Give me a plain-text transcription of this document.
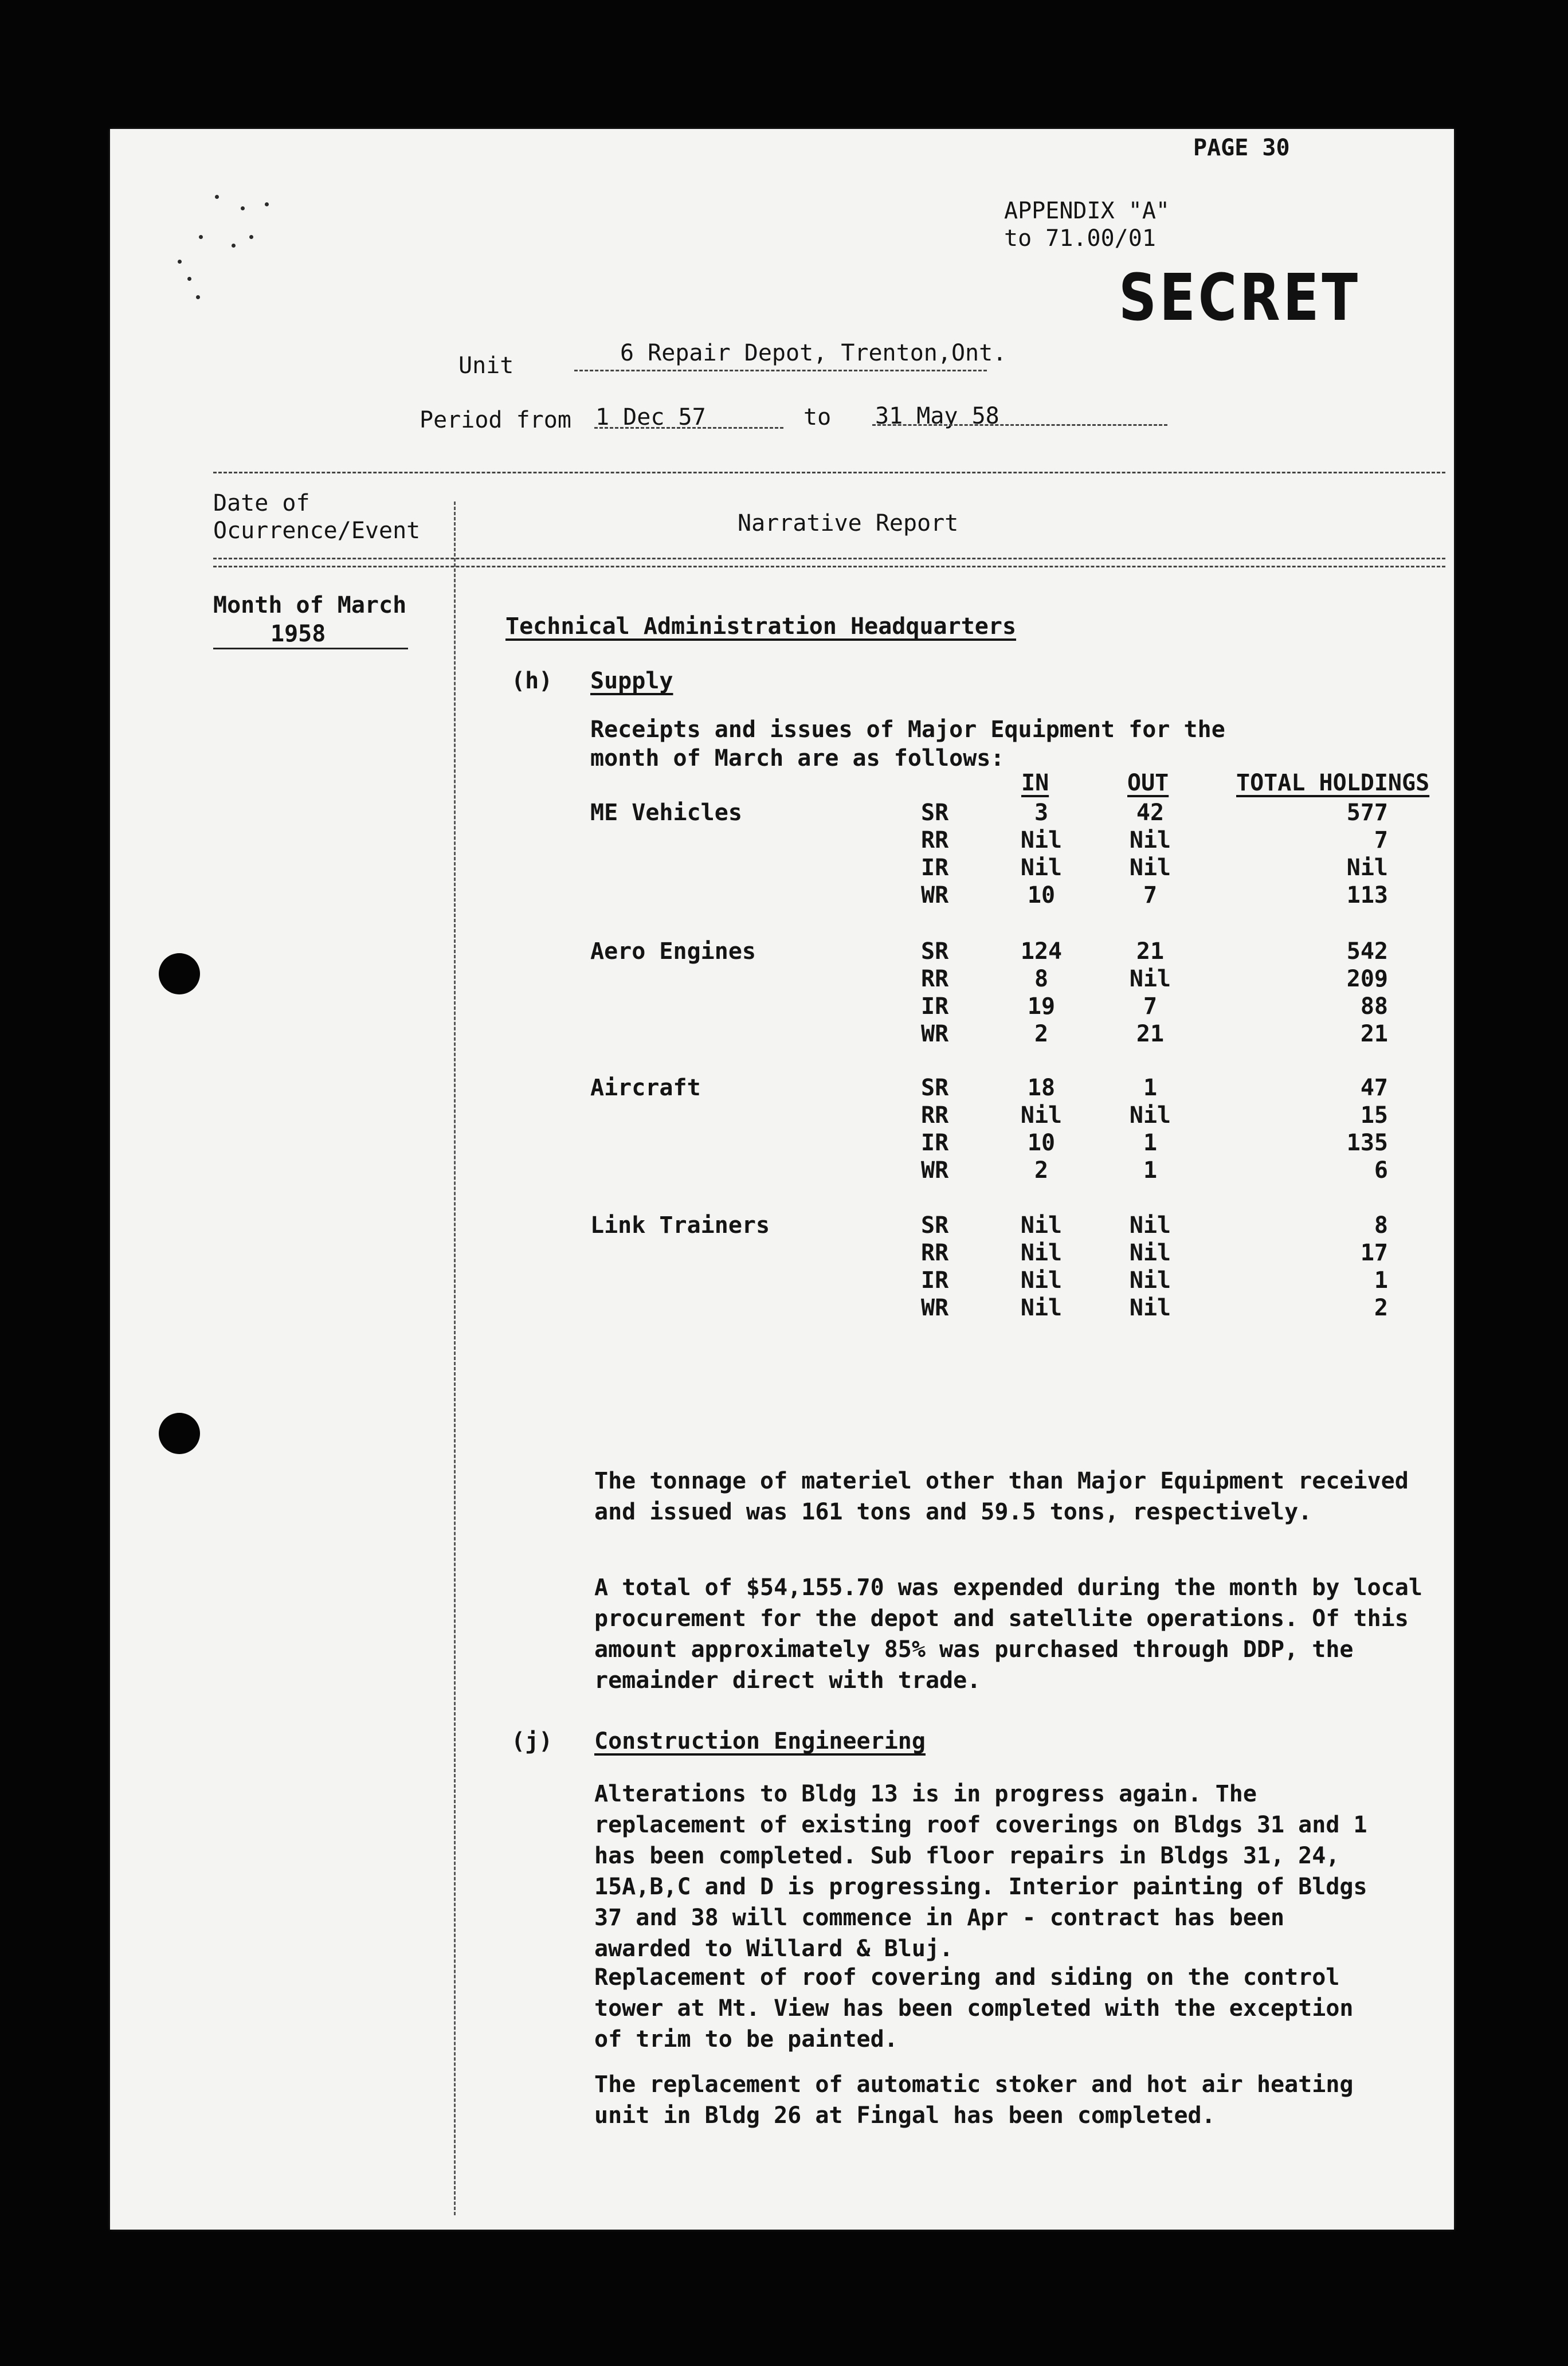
PAGE 30
APPENDIX "A"
to 71.00/01
SECRET
Unit	6 Repair Depot, Trenton,Ont.
Period from 1 Dec 57	to 31 May 58
Date of
Ocurrence/Event	Narrative Report
Month of March
1958	Technical Administration Headquarters
(h) Supply
Receipts and issues of Major Equipment for the
month of March are as follows:
IN	OUT	TOTAL HOLDINGS
ME Vehicles	SR	3	42	577
RR	Nil	Nil	7
IR	Nil	Nil	Nil
WR	10	7	113
Aero Engines	SR	124	21	542
RR	8	Nil	209
IR	19	7	88
WR	2	21	21
Aircraft	SR	18	1	47
RR	Nil	Nil	15
IR	10	1	135
WR	2	1	6
Link Trainers	SR	Nil	Nil	8
RR	Nil	Nil	17
IR	Nil	Nil	1
WR	Nil	Nil	2
The tonnage of materiel other than Major Equipment received and issued was 161 tons and 59.5 tons, respectively.
A total of $54,155.70 was expended during the month by local procurement for the depot and satellite operations. Of this amount approximately 85% was purchased through DDP, the remainder direct with trade.
(j) Construction Engineering
Alterations to Bldg 13 is in progress again. The replacement of existing roof coverings on Bldgs 31 and 1 has been completed. Sub floor repairs in Bldgs 31, 24, 15A,B,C and D is progressing. Interior painting of Bldgs 37 and 38 will commence in Apr - contract has been awarded to Willard & Bluj.
Replacement of roof covering and siding on the control tower at Mt. View has been completed with the exception of trim to be painted.
The replacement of automatic stoker and hot air heating unit in Bldg 26 at Fingal has been completed.
